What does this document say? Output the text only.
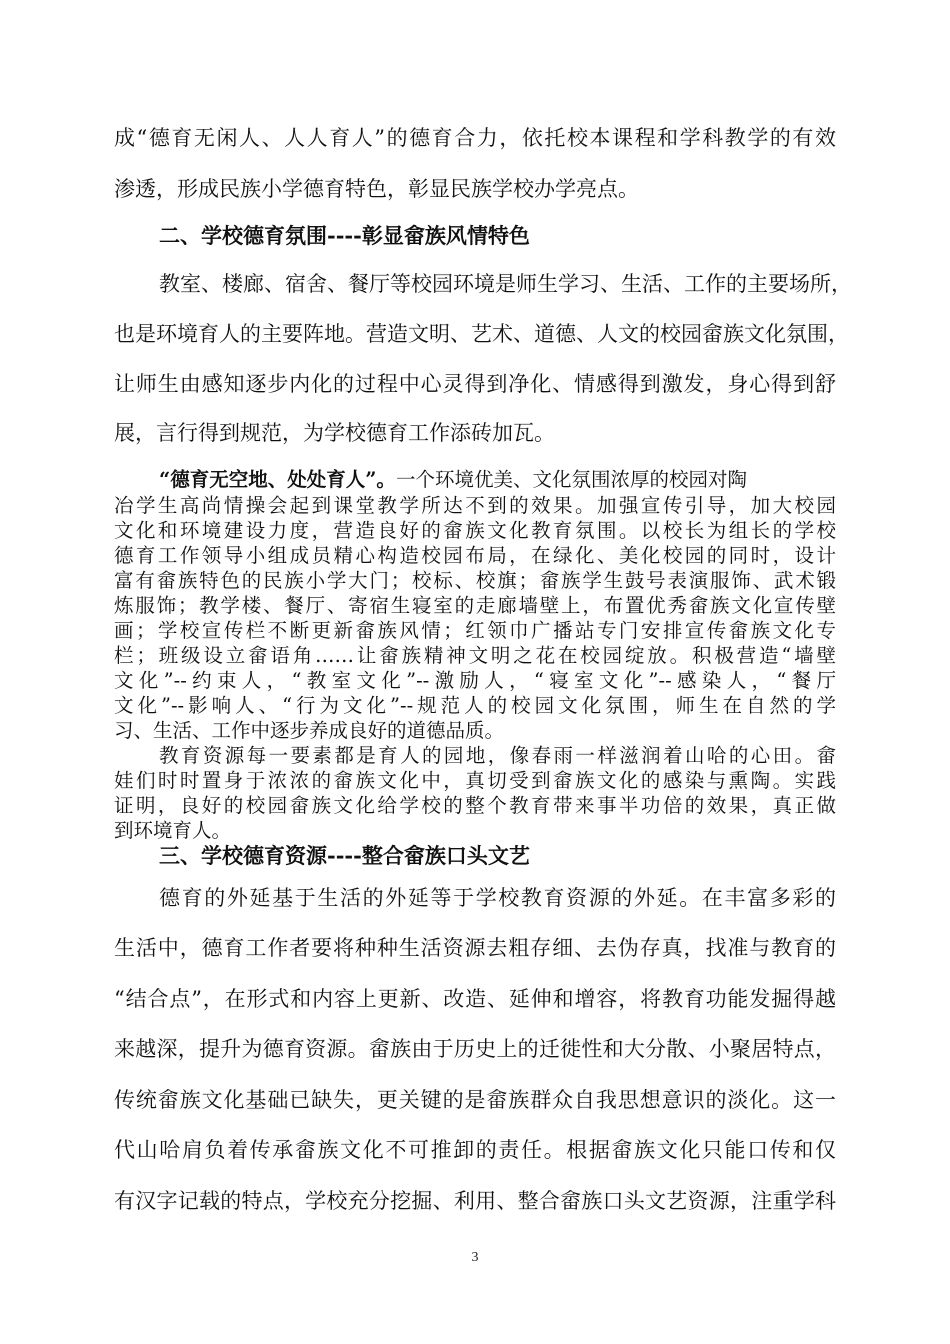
成“德育无闲人、人人育人”的德育合力，依托校本课程和学科教学的有效
渗透，形成民族小学德育特色，彰显民族学校办学亮点。
二、学校德育氛围----彰显畲族风情特色
教室、楼廊、宿舍、餐厅等校园环境是师生学习、生活、工作的主要场所，
也是环境育人的主要阵地。营造文明、艺术、道德、人文的校园畲族文化氛围，
让师生由感知逐步内化的过程中心灵得到净化、情感得到激发，身心得到舒
展，言行得到规范，为学校德育工作添砖加瓦。
“德育无空地、处处育人”。一个环境优美、文化氛围浓厚的校园对陶
冶学生高尚情操会起到课堂教学所达不到的效果。加强宣传引导，加大校园
文化和环境建设力度，营造良好的畲族文化教育氛围。以校长为组长的学校
德育工作领导小组成员精心构造校园布局，在绿化、美化校园的同时，设计
富有畲族特色的民族小学大门；校标、校旗；畲族学生鼓号表演服饰、武术锻
炼服饰；教学楼、餐厅、寄宿生寝室的走廊墙壁上，布置优秀畲族文化宣传壁
画；学校宣传栏不断更新畲族风情；红领巾广播站专门安排宣传畲族文化专
栏；班级设立畲语角……让畲族精神文明之花在校园绽放。积极营造“墙壁
文化”--约束人，“教室文化”--激励人，“寝室文化”--感染人，“餐厅
文化”--影响人、“行为文化”--规范人的校园文化氛围，师生在自然的学
习、生活、工作中逐步养成良好的道德品质。
教育资源每一要素都是育人的园地，像春雨一样滋润着山哈的心田。畲
娃们时时置身于浓浓的畲族文化中，真切受到畲族文化的感染与熏陶。实践
证明，良好的校园畲族文化给学校的整个教育带来事半功倍的效果，真正做
到环境育人。
三、学校德育资源----整合畲族口头文艺
德育的外延基于生活的外延等于学校教育资源的外延。在丰富多彩的
生活中，德育工作者要将种种生活资源去粗存细、去伪存真，找准与教育的
“结合点”，在形式和内容上更新、改造、延伸和增容，将教育功能发掘得越
来越深，提升为德育资源。畲族由于历史上的迁徙性和大分散、小聚居特点，
传统畲族文化基础已缺失，更关键的是畲族群众自我思想意识的淡化。这一
代山哈肩负着传承畲族文化不可推卸的责任。根据畲族文化只能口传和仅
有汉字记载的特点，学校充分挖掘、利用、整合畲族口头文艺资源，注重学科
3
